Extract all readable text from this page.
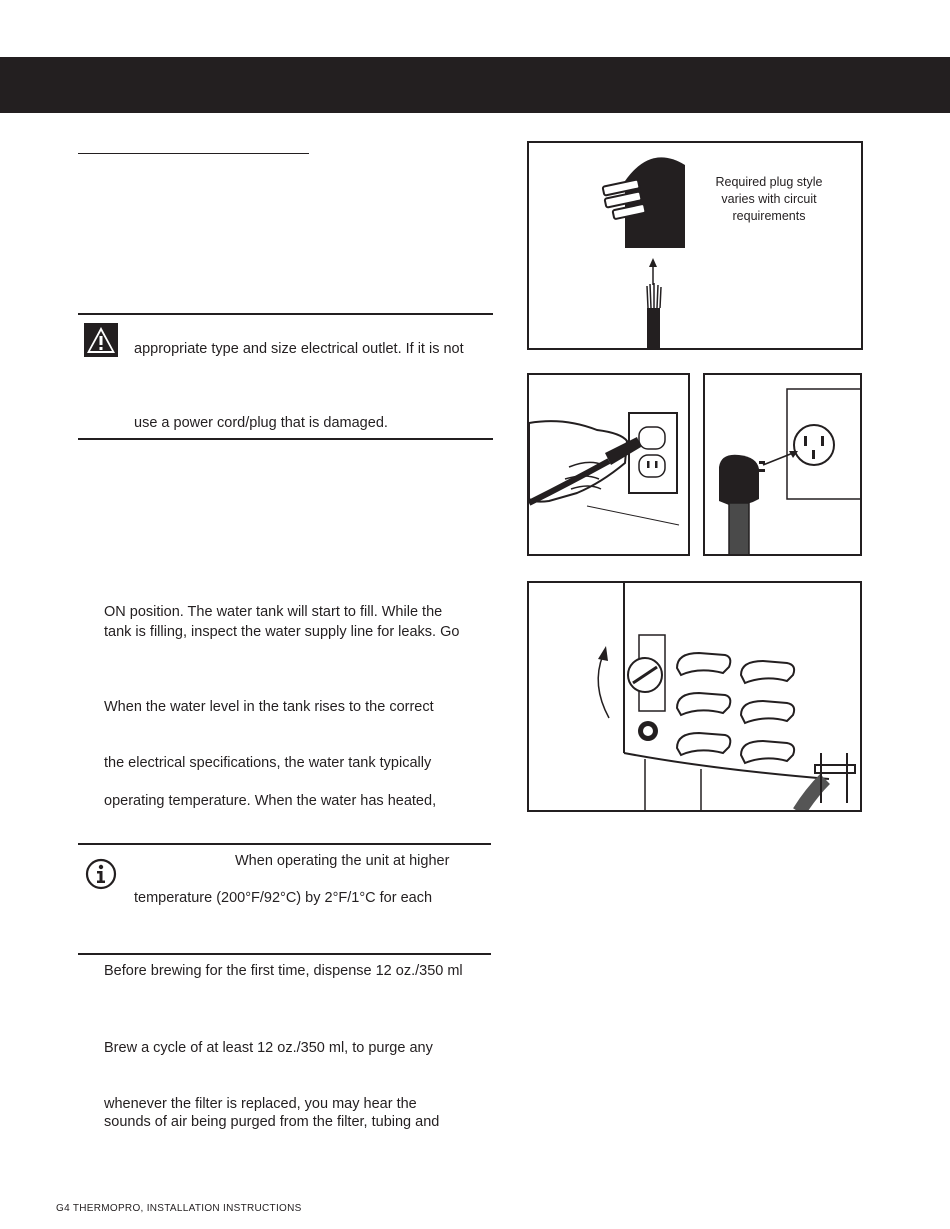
appropriate type and size electrical outlet. If it is not
use a power cord/plug that is damaged.
ON position. The water tank will start to fill. While the
tank is filling, inspect the water supply line for leaks. Go
When the water level in the tank rises to the correct
the electrical specifications, the water tank typically
operating temperature. When the water has heated,
When operating the unit at higher
temperature (200°F/92°C) by 2°F/1°C for each
Before brewing for the first time, dispense 12 oz./350 ml
Brew a cycle of at least 12 oz./350 ml, to purge any
whenever the filter is replaced, you may hear the
sounds of air being purged from the filter, tubing and
G4 THERMOPRO, INSTALLATION INSTRUCTIONS
Required plug style
varies with circuit
requirements
